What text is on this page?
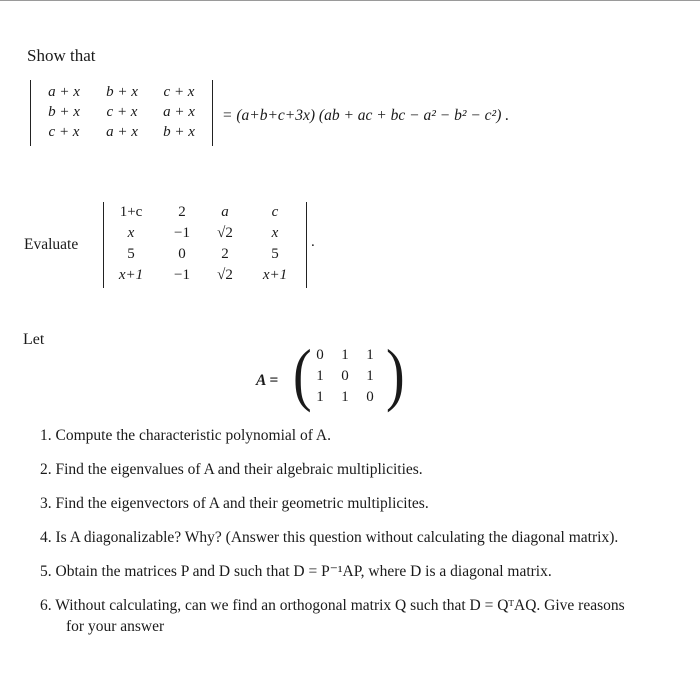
Show that
a + x	b + x	c + x
b + x	c + x	a + x
c + x	a + x	b + x
= (a+b+c+3x) (ab + ac + bc − a² − b² − c²) .
Evaluate
1+c	2	a	c
x	−1	√2	x
5	0	2	5
x+1	−1	√2	x+1
.
Let
A = ( )
0	1	1
1	0	1
1	1	0
1. Compute the characteristic polynomial of A.
2. Find the eigenvalues of A and their algebraic multiplicities.
3. Find the eigenvectors of A and their geometric multiplicites.
4. Is A diagonalizable? Why? (Answer this question without calculating the diagonal matrix).
5. Obtain the matrices P and D such that D = P⁻¹AP, where D is a diagonal matrix.
6. Without calculating, can we find an orthogonal matrix Q such that D = QᵀAQ. Give reasons for your answer
